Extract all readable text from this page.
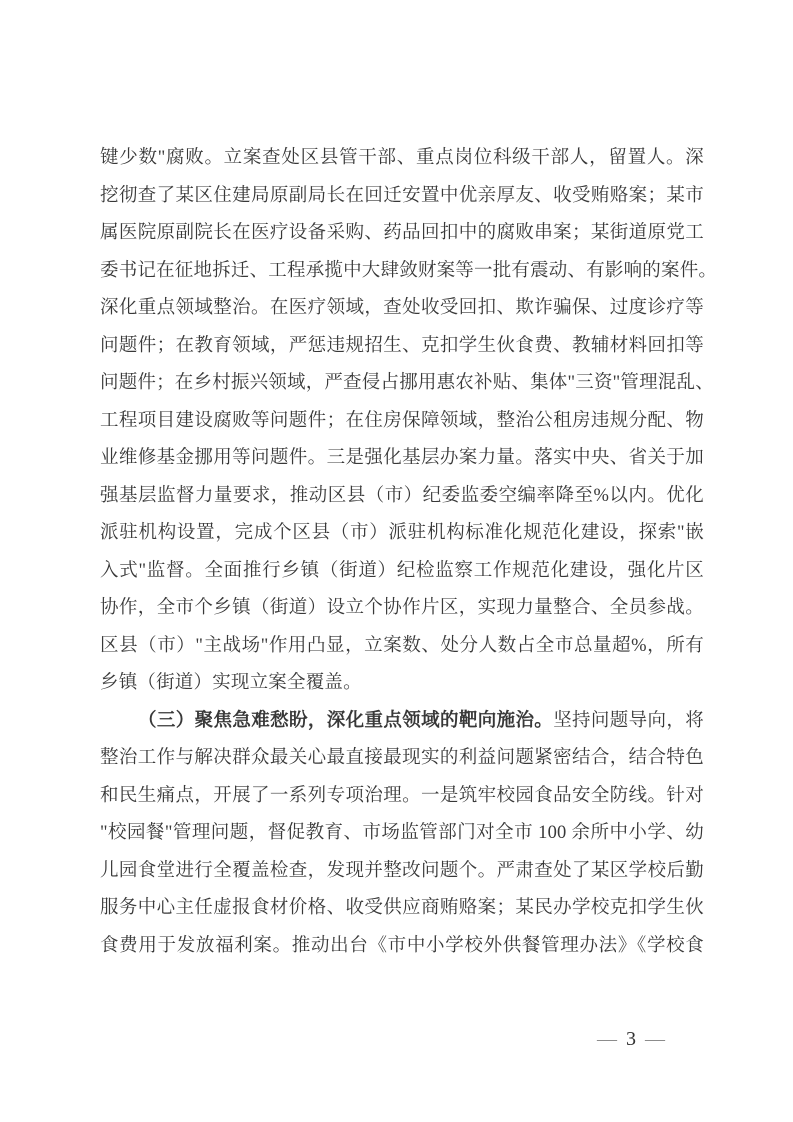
键少数"腐败。立案查处区县管干部、重点岗位科级干部人，留置人。深
挖彻查了某区住建局原副局长在回迁安置中优亲厚友、收受贿赂案；某市
属医院原副院长在医疗设备采购、药品回扣中的腐败串案；某街道原党工
委书记在征地拆迁、工程承揽中大肆敛财案等一批有震动、有影响的案件。
深化重点领域整治。在医疗领域，查处收受回扣、欺诈骗保、过度诊疗等
问题件；在教育领域，严惩违规招生、克扣学生伙食费、教辅材料回扣等
问题件；在乡村振兴领域，严查侵占挪用惠农补贴、集体"三资"管理混乱、
工程项目建设腐败等问题件；在住房保障领域，整治公租房违规分配、物
业维修基金挪用等问题件。三是强化基层办案力量。落实中央、省关于加
强基层监督力量要求，推动区县（市）纪委监委空编率降至%以内。优化
派驻机构设置，完成个区县（市）派驻机构标准化规范化建设，探索"嵌
入式"监督。全面推行乡镇（街道）纪检监察工作规范化建设，强化片区
协作，全市个乡镇（街道）设立个协作片区，实现力量整合、全员参战。
区县（市）"主战场"作用凸显，立案数、处分人数占全市总量超%，所有
乡镇（街道）实现立案全覆盖。
（三）聚焦急难愁盼，深化重点领域的靶向施治。坚持问题导向，将
整治工作与解决群众最关心最直接最现实的利益问题紧密结合，结合特色
和民生痛点，开展了一系列专项治理。一是筑牢校园食品安全防线。针对
"校园餐"管理问题，督促教育、市场监管部门对全市 100 余所中小学、幼
儿园食堂进行全覆盖检查，发现并整改问题个。严肃查处了某区学校后勤
服务中心主任虚报食材价格、收受供应商贿赂案；某民办学校克扣学生伙
食费用于发放福利案。推动出台《市中小学校外供餐管理办法》《学校食
— 3 —
